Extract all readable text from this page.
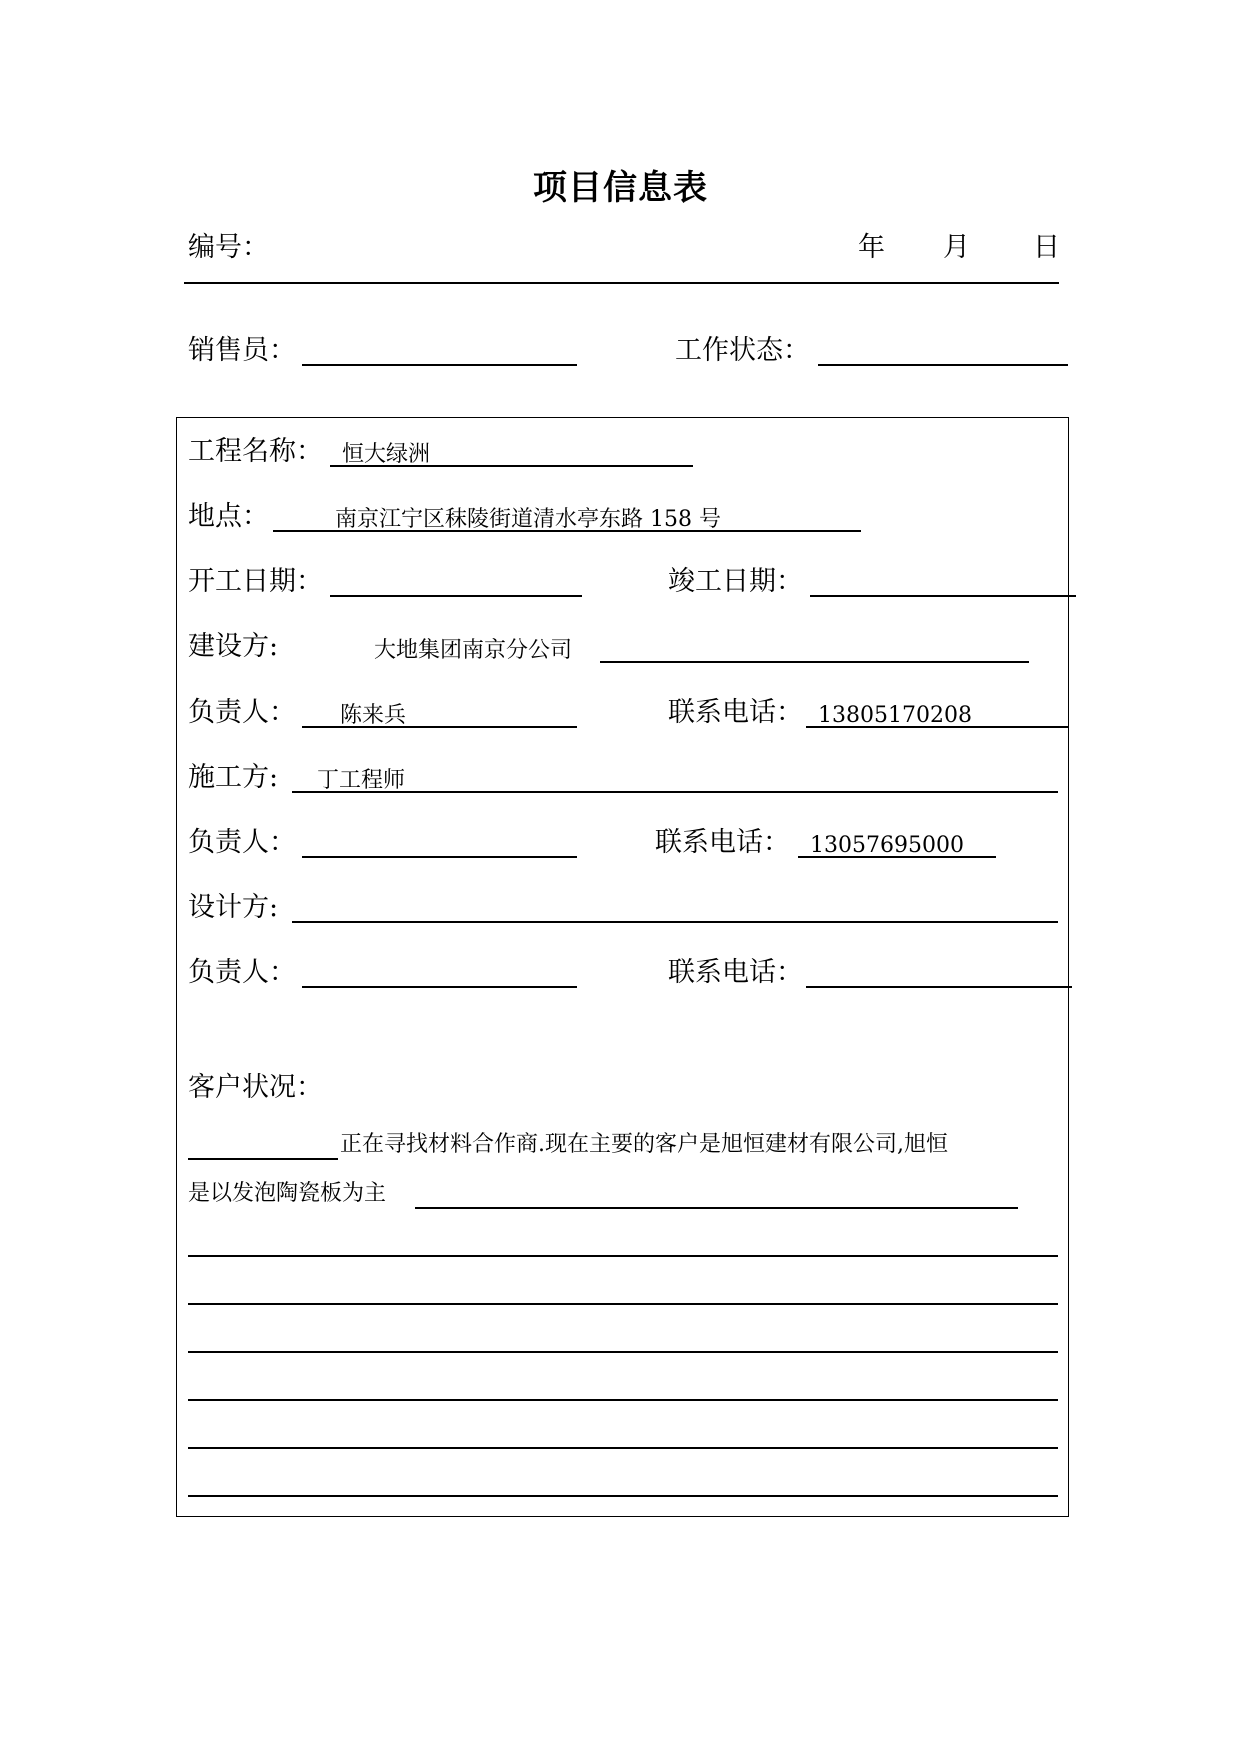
项目信息表
编号：	年 月 日
销售员：	工作状态：
工程名称： 恒大绿洲
地点：	南京江宁区秣陵街道清水亭东路 158 号
开工日期：	竣工日期：
建设方:	大地集团南京分公司
负责人： 陈来兵	联系电话： 13805170208
施工方: 丁工程师
负责人：	联系电话： 13057695000
设计方:
负责人：	联系电话：
客户状况：
正在寻找材料合作商.现在主要的客户是旭恒建材有限公司,旭恒
是以发泡陶瓷板为主
